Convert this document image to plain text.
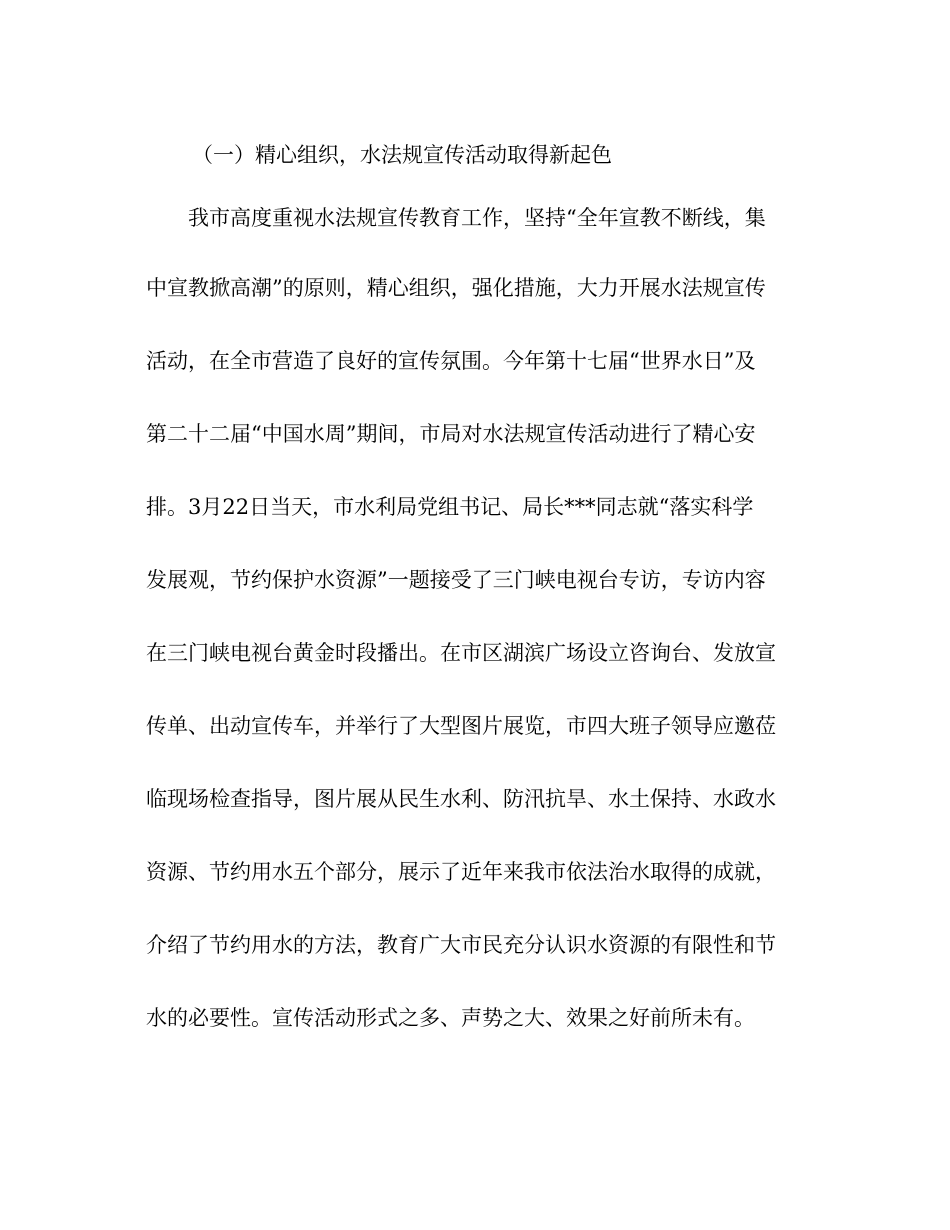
（一）精心组织，水法规宣传活动取得新起色
我市高度重视水法规宣传教育工作，坚持“全年宣教不断线，集
中宣教掀高潮”的原则，精心组织，强化措施，大力开展水法规宣传
活动，在全市营造了良好的宣传氛围。今年第十七届“世界水日”及
第二十二届“中国水周”期间，市局对水法规宣传活动进行了精心安
排。3月22日当天，市水利局党组书记、局长***同志就“落实科学
发展观，节约保护水资源”一题接受了三门峡电视台专访，专访内容
在三门峡电视台黄金时段播出。在市区湖滨广场设立咨询台、发放宣
传单、出动宣传车，并举行了大型图片展览，市四大班子领导应邀莅
临现场检查指导，图片展从民生水利、防汛抗旱、水土保持、水政水
资源、节约用水五个部分，展示了近年来我市依法治水取得的成就，
介绍了节约用水的方法，教育广大市民充分认识水资源的有限性和节
水的必要性。宣传活动形式之多、声势之大、效果之好前所未有。
